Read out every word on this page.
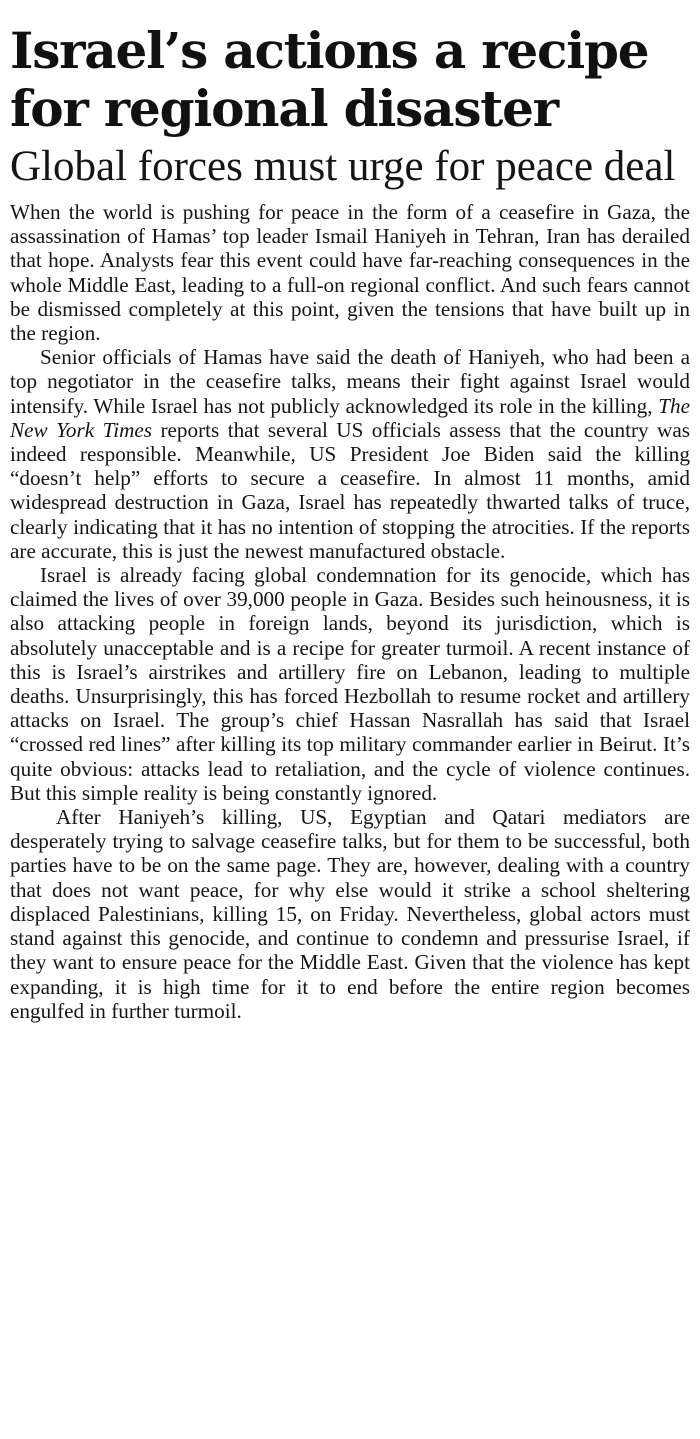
Israel’s actions a recipe for regional disaster
Global forces must urge for peace deal

When the world is pushing for peace in the form of a ceasefire in Gaza, the assassination of Hamas’ top leader Ismail Haniyeh in Tehran, Iran has derailed that hope. Analysts fear this event could have far-reaching consequences in the whole Middle East, leading to a full-on regional conflict. And such fears cannot be dismissed completely at this point, given the tensions that have built up in the region.

Senior officials of Hamas have said the death of Haniyeh, who had been a top negotiator in the ceasefire talks, means their fight against Israel would intensify. While Israel has not publicly acknowledged its role in the killing, The New York Times reports that several US officials assess that the country was indeed responsible. Meanwhile, US President Joe Biden said the killing “doesn’t help” efforts to secure a ceasefire. In almost 11 months, amid widespread destruction in Gaza, Israel has repeatedly thwarted talks of truce, clearly indicating that it has no intention of stopping the atrocities. If the reports are accurate, this is just the newest manufactured obstacle.

Israel is already facing global condemnation for its genocide, which has claimed the lives of over 39,000 people in Gaza. Besides such heinousness, it is also attacking people in foreign lands, beyond its jurisdiction, which is absolutely unacceptable and is a recipe for greater turmoil. A recent instance of this is Israel’s airstrikes and artillery fire on Lebanon, leading to multiple deaths. Unsurprisingly, this has forced Hezbollah to resume rocket and artillery attacks on Israel. The group’s chief Hassan Nasrallah has said that Israel “crossed red lines” after killing its top military commander earlier in Beirut. It’s quite obvious: attacks lead to retaliation, and the cycle of violence continues. But this simple reality is being constantly ignored.

After Haniyeh’s killing, US, Egyptian and Qatari mediators are desperately trying to salvage ceasefire talks, but for them to be successful, both parties have to be on the same page. They are, however, dealing with a country that does not want peace, for why else would it strike a school sheltering displaced Palestinians, killing 15, on Friday. Nevertheless, global actors must stand against this genocide, and continue to condemn and pressurise Israel, if they want to ensure peace for the Middle East. Given that the violence has kept expanding, it is high time for it to end before the entire region becomes engulfed in further turmoil.
